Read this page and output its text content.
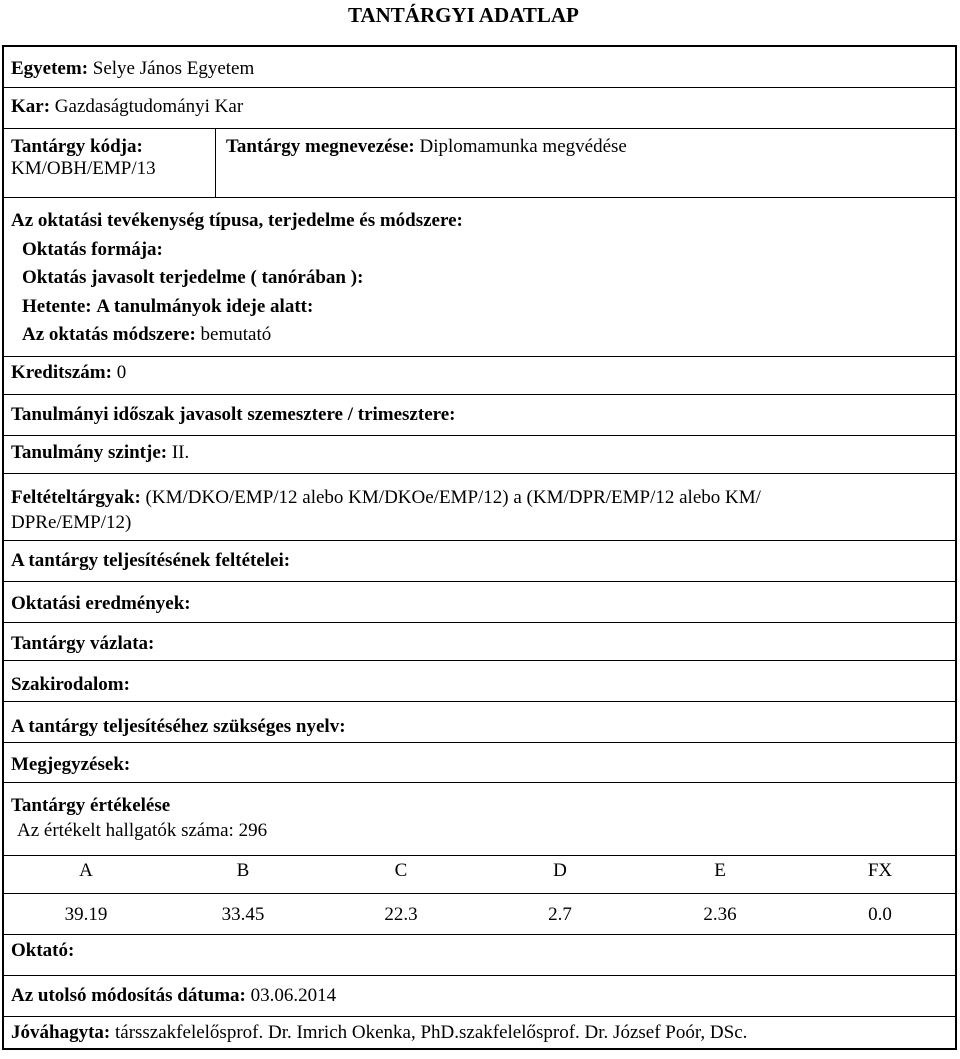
TANTÁRGYI ADATLAP
Egyetem: Selye János Egyetem
Kar: Gazdaságtudományi Kar
Tantárgy kódja:
KM/OBH/EMP/13
Tantárgy megnevezése: Diplomamunka megvédése
Az oktatási tevékenység típusa, terjedelme és módszere:
Oktatás formája:
Oktatás javasolt terjedelme ( tanórában ):
Hetente: A tanulmányok ideje alatt:
Az oktatás módszere: bemutató
Kreditszám: 0
Tanulmányi időszak javasolt szemesztere / trimesztere:
Tanulmány szintje: II.
Feltételtárgyak: (KM/DKO/EMP/12 alebo KM/DKOe/EMP/12) a (KM/DPR/EMP/12 alebo KM/
DPRe/EMP/12)
A tantárgy teljesítésének feltételei:
Oktatási eredmények:
Tantárgy vázlata:
Szakirodalom:
A tantárgy teljesítéséhez szükséges nyelv:
Megjegyzések:
Tantárgy értékelése
Az értékelt hallgatók száma: 296
A	B	C	D	E	FX
39.19	33.45	22.3	2.7	2.36	0.0
Oktató:
Az utolsó módosítás dátuma: 03.06.2014
Jóváhagyta: társszakfelelősprof. Dr. Imrich Okenka, PhD.szakfelelősprof. Dr. József Poór, DSc.
